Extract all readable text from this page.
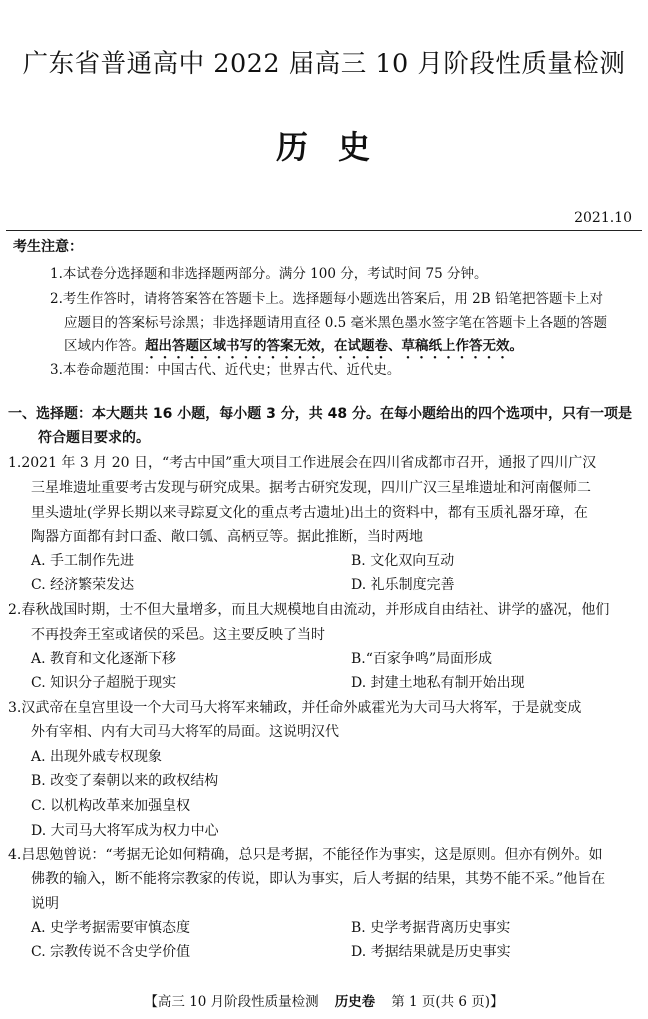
广东省普通高中 2022 届高三 10 月阶段性质量检测
历 史
2021.10
考生注意：
1.本试卷分选择题和非选择题两部分。满分 100 分，考试时间 75 分钟。
2.考生作答时，请将答案答在答题卡上。选择题每小题选出答案后，用 2B 铅笔把答题卡上对
应题目的答案标号涂黑；非选择题请用直径 0.5 毫米黑色墨水签字笔在答题卡上各题的答题
区域内作答。超出答题区域书写的答案无效，在试题卷、草稿纸上作答无效。
3.本卷命题范围：中国古代、近代史；世界古代、近代史。
一、选择题：本大题共 16 小题，每小题 3 分，共 48 分。在每小题给出的四个选项中，只有一项是
符合题目要求的。
1.2021 年 3 月 20 日，“考古中国”重大项目工作进展会在四川省成都市召开，通报了四川广汉
三星堆遗址重要考古发现与研究成果。据考古研究发现，四川广汉三星堆遗址和河南偃师二
里头遗址(学界长期以来寻踪夏文化的重点考古遗址)出土的资料中，都有玉质礼器牙璋，在
陶器方面都有封口盉、敞口瓠、高柄豆等。据此推断，当时两地
A. 手工制作先进	B. 文化双向互动
C. 经济繁荣发达	D. 礼乐制度完善
2.春秋战国时期，士不但大量增多，而且大规模地自由流动，并形成自由结社、讲学的盛况，他们
不再投奔王室或诸侯的采邑。这主要反映了当时
A. 教育和文化逐渐下移	B.“百家争鸣”局面形成
C. 知识分子超脱于现实	D. 封建土地私有制开始出现
3.汉武帝在皇宫里设一个大司马大将军来辅政，并任命外戚霍光为大司马大将军，于是就变成
外有宰相、内有大司马大将军的局面。这说明汉代
A. 出现外戚专权现象
B. 改变了秦朝以来的政权结构
C. 以机构改革来加强皇权
D. 大司马大将军成为权力中心
4.吕思勉曾说：“考据无论如何精确，总只是考据，不能径作为事实，这是原则。但亦有例外。如
佛教的输入，断不能将宗教家的传说，即认为事实，后人考据的结果，其势不能不采。”他旨在
说明
A. 史学考据需要审慎态度	B. 史学考据背离历史事实
C. 宗教传说不含史学价值	D. 考据结果就是历史事实
【高三 10 月阶段性质量检测 历史卷 第 1 页(共 6 页)】
